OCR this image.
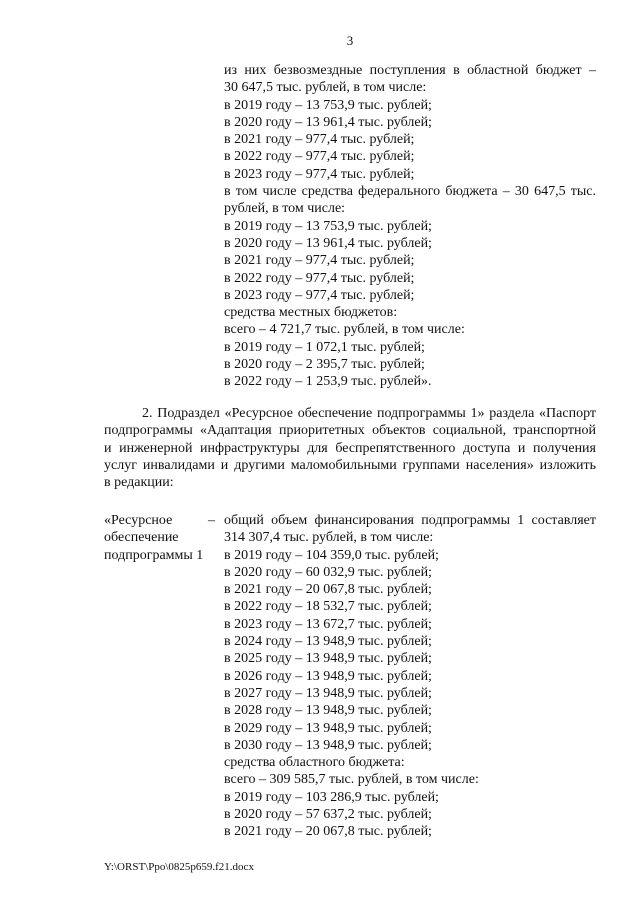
3
из них безвозмездные поступления в областной бюджет –
30 647,5 тыс. рублей, в том числе:
в 2019 году – 13 753,9 тыс. рублей;
в 2020 году – 13 961,4 тыс. рублей;
в 2021 году – 977,4 тыс. рублей;
в 2022 году – 977,4 тыс. рублей;
в 2023 году – 977,4 тыс. рублей;
в том числе средства федерального бюджета – 30 647,5 тыс.
рублей, в том числе:
в 2019 году – 13 753,9 тыс. рублей;
в 2020 году – 13 961,4 тыс. рублей;
в 2021 году – 977,4 тыс. рублей;
в 2022 году – 977,4 тыс. рублей;
в 2023 году – 977,4 тыс. рублей;
средства местных бюджетов:
всего – 4 721,7 тыс. рублей, в том числе:
в 2019 году – 1 072,1 тыс. рублей;
в 2020 году – 2 395,7 тыс. рублей;
в 2022 году – 1 253,9 тыс. рублей».
2. Подраздел «Ресурсное обеспечение подпрограммы 1» раздела «Паспорт
подпрограммы «Адаптация приоритетных объектов социальной, транспортной
и инженерной инфраструктуры для беспрепятственного доступа и получения
услуг инвалидами и другими маломобильными группами населения» изложить
в редакции:
«Ресурсное
обеспечение
подпрограммы 1
– общий объем финансирования подпрограммы 1 составляет
314 307,4 тыс. рублей, в том числе:
в 2019 году – 104 359,0 тыс. рублей;
в 2020 году – 60 032,9 тыс. рублей;
в 2021 году – 20 067,8 тыс. рублей;
в 2022 году – 18 532,7 тыс. рублей;
в 2023 году – 13 672,7 тыс. рублей;
в 2024 году – 13 948,9 тыс. рублей;
в 2025 году – 13 948,9 тыс. рублей;
в 2026 году – 13 948,9 тыс. рублей;
в 2027 году – 13 948,9 тыс. рублей;
в 2028 году – 13 948,9 тыс. рублей;
в 2029 году – 13 948,9 тыс. рублей;
в 2030 году – 13 948,9 тыс. рублей;
средства областного бюджета:
всего – 309 585,7 тыс. рублей, в том числе:
в 2019 году – 103 286,9 тыс. рублей;
в 2020 году – 57 637,2 тыс. рублей;
в 2021 году – 20 067,8 тыс. рублей;
Y:\ORST\Ppo\0825p659.f21.docx
